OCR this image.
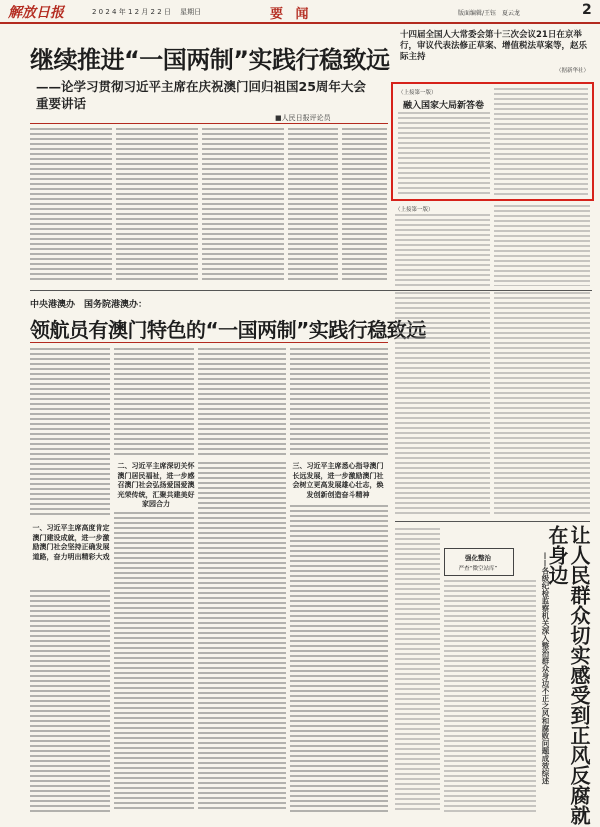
解放日报	2 0 2 4 年 1 2 月 2 2 日 　星期日	要 闻	版面编辑/王钰　夏云龙	2
继续推进“一国两制”实践行稳致远
——论学习贯彻习近平主席在庆祝澳门回归祖国25周年大会重要讲话
■人民日报评论员
十四届全国人大常委会第十三次会议21日在京举行，审议代表法修正草案、增值税法草案等，赵乐际主持
（据新华社）
（上接第一版）
融入国家大局新答卷
（上接第一版）
中央港澳办　国务院港澳办：
领航员有澳门特色的“一国两制”实践行稳致远
一、习近平主席高度肯定澳门建设成就，进一步激励澳门社会坚持正确发展道路，奋力明出精彩大戏
二、习近平主席深切关怀澳门居民福祉，进一步感召澳门社会弘扬爱国爱澳光荣传统，汇聚共建美好家园合力
三、习近平主席悉心指导澳门长远发展，进一步激励澳门社会树立更高发展雄心壮志，焕发创新创造奋斗精神
强化整治
严查“微空站库”	——各级纪检监察机关深入整治群众身边不正之风和腐败问题成效综述 让人民群众切实感受到正风反腐就在身边
